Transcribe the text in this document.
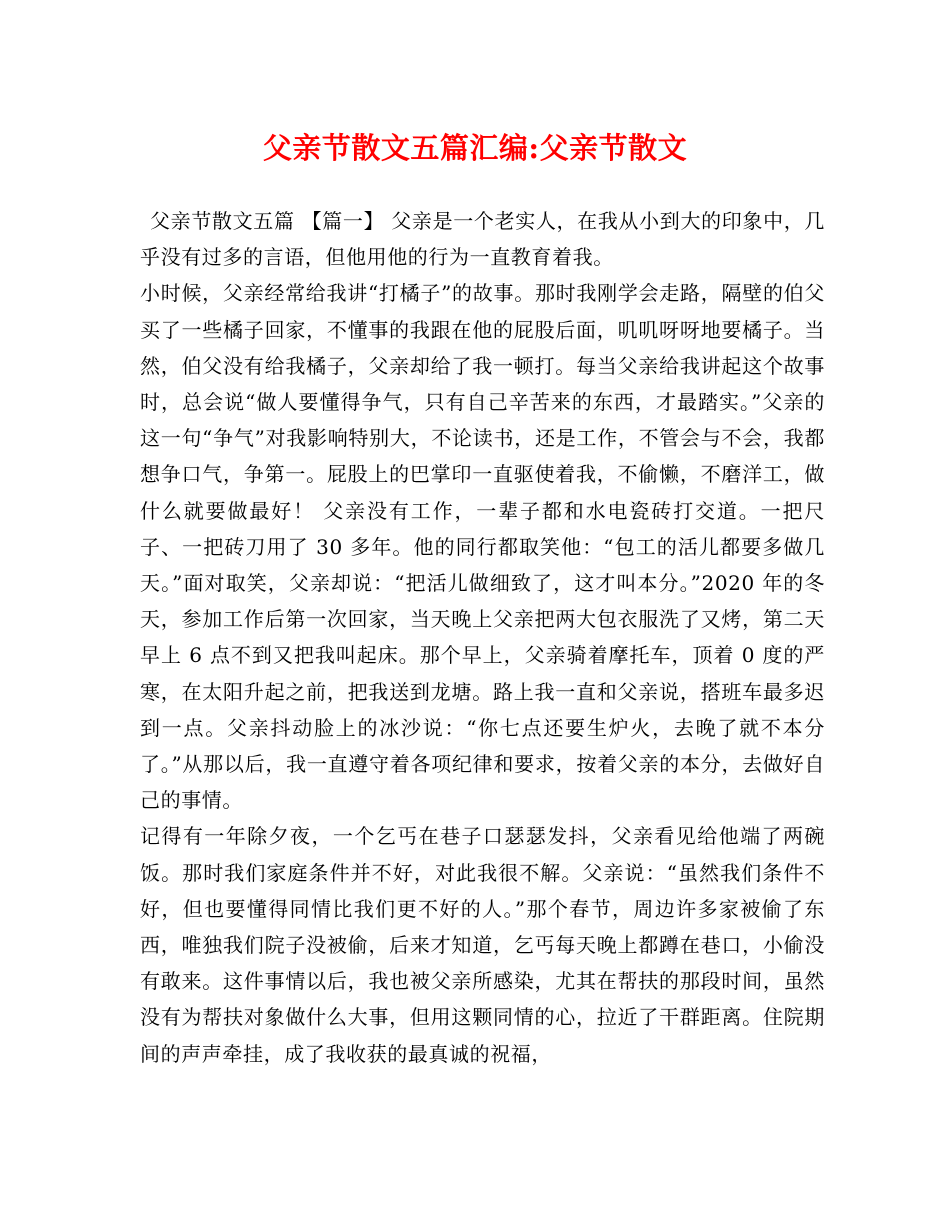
父亲节散文五篇汇编:父亲节散文

父亲节散文五篇 【篇一】 父亲是一个老实人，在我从小到大的印象中，几乎没有过多的言语，但他用他的行为一直教育着我。

小时候，父亲经常给我讲“打橘子”的故事。那时我刚学会走路，隔壁的伯父买了一些橘子回家，不懂事的我跟在他的屁股后面，叽叽呀呀地要橘子。当然，伯父没有给我橘子，父亲却给了我一顿打。每当父亲给我讲起这个故事时，总会说“做人要懂得争气，只有自己辛苦来的东西，才最踏实。”父亲的这一句“争气”对我影响特别大，不论读书，还是工作，不管会与不会，我都想争口气，争第一。屁股上的巴掌印一直驱使着我，不偷懒，不磨洋工，做什么就要做最好！ 父亲没有工作，一辈子都和水电瓷砖打交道。一把尺子、一把砖刀用了 30 多年。他的同行都取笑他：“包工的活儿都要多做几天。”面对取笑，父亲却说：“把活儿做细致了，这才叫本分。”2020 年的冬天，参加工作后第一次回家，当天晚上父亲把两大包衣服洗了又烤，第二天早上 6 点不到又把我叫起床。那个早上，父亲骑着摩托车，顶着 0 度的严寒，在太阳升起之前，把我送到龙塘。路上我一直和父亲说，搭班车最多迟到一点。父亲抖动脸上的冰沙说：“你七点还要生炉火，去晚了就不本分了。”从那以后，我一直遵守着各项纪律和要求，按着父亲的本分，去做好自己的事情。

记得有一年除夕夜，一个乞丐在巷子口瑟瑟发抖，父亲看见给他端了两碗饭。那时我们家庭条件并不好，对此我很不解。父亲说：“虽然我们条件不好，但也要懂得同情比我们更不好的人。”那个春节，周边许多家被偷了东西，唯独我们院子没被偷，后来才知道，乞丐每天晚上都蹲在巷口，小偷没有敢来。这件事情以后，我也被父亲所感染，尤其在帮扶的那段时间，虽然没有为帮扶对象做什么大事，但用这颗同情的心，拉近了干群距离。住院期间的声声牵挂，成了我收获的最真诚的祝福，
